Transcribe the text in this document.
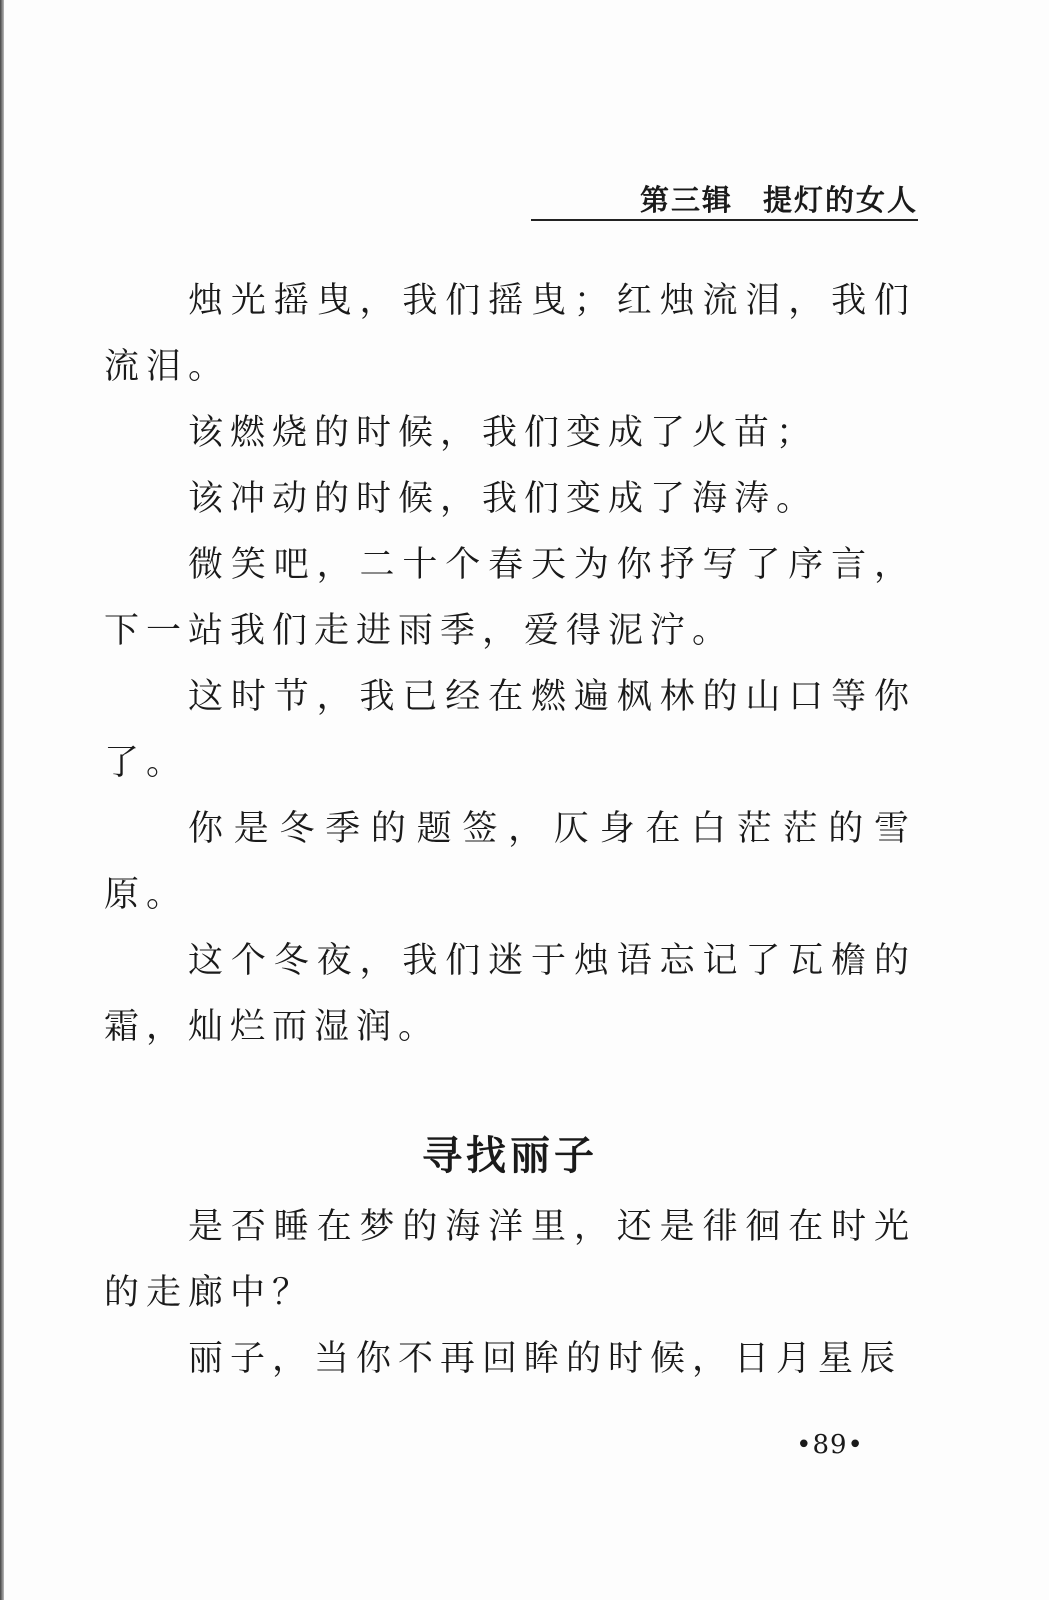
第三辑 提灯的女人

烛光摇曳，我们摇曳；红烛流泪，我们流泪。

该燃烧的时候，我们变成了火苗；

该冲动的时候，我们变成了海涛。

微笑吧，二十个春天为你抒写了序言，下一站我们走进雨季，爱得泥泞。

这时节，我已经在燃遍枫林的山口等你了。

你是冬季的题签，仄身在白茫茫的雪原。

这个冬夜，我们迷于烛语忘记了瓦檐的霜，灿烂而湿润。

寻找丽子

是否睡在梦的海洋里，还是徘徊在时光的走廊中？

丽子，当你不再回眸的时候，日月星辰

•89•
